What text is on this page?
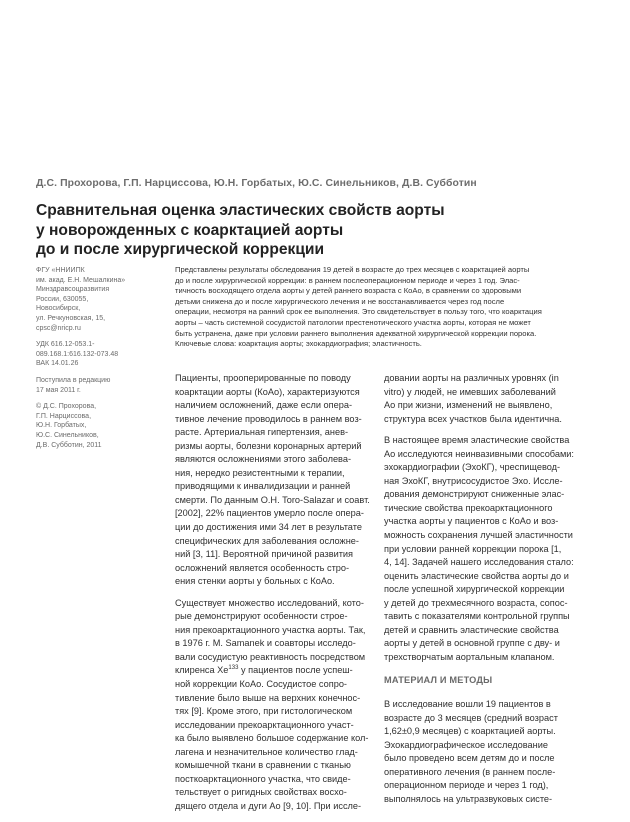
Д.С. Прохорова, Г.П. Нарциссова, Ю.Н. Горбатых, Ю.С. Синельников, Д.В. Субботин
Сравнительная оценка эластических свойств аорты
у новорожденных с коарктацией аорты
до и после хирургической коррекции
ФГУ «ННИИПК
им. акад. Е.Н. Мешалкина»
Минздравсоцразвития
России, 630055,
Новосибирск,
ул. Речкуновская, 15,
cpsc@nricp.ru
УДК 616.12-053.1-
089.168.1:616.132-073.48
ВАК 14.01.26
Поступила в редакцию
17 мая 2011 г.
© Д.С. Прохорова,
Г.П. Нарциссова,
Ю.Н. Горбатых,
Ю.С. Синельников,
Д.В. Субботин, 2011
Представлены результаты обследования 19 детей в возрасте до трех месяцев с коарктацией аорты
до и после хирургической коррекции: в раннем послеоперационном периоде и через 1 год. Элас-
тичность восходящего отдела аорты у детей раннего возраста с КоАо, в сравнении со здоровыми
детьми снижена до и после хирургического лечения и не восстанавливается через год после
операции, несмотря на ранний срок ее выполнения. Это свидетельствует в пользу того, что коарктация
аорты – часть системной сосудистой патологии престенотического участка аорты, которая не может
быть устранена, даже при условии раннего выполнения адекватной хирургической коррекции порока.
Ключевые слова: коарктация аорты; эхокардиография; эластичность.
Пациенты, прооперированные по поводу
коарктации аорты (КоАо), характеризуются
наличием осложнений, даже если опера-
тивное лечение проводилось в раннем воз-
расте. Артериальная гипертензия, анев-
ризмы аорты, болезни коронарных артерий
являются осложнениями этого заболева-
ния, нередко резистентными к терапии,
приводящими к инвалидизации и ранней
смерти. По данным О.Н. Toro-Salazar и соавт.
[2002], 22% пациентов умерло после опера-
ции до достижения ими 34 лет в результате
специфических для заболевания осложне-
ний [3, 11]. Вероятной причиной развития
осложнений является особенность стро-
ения стенки аорты у больных с КоАо.
Существует множество исследований, кото-
рые демонстрируют особенности строе-
ния прекоарктационного участка аорты. Так,
в 1976 г. M. Samanek и соавторы исследо-
вали сосудистую реактивность посредством
клиренса Xe$^{133}$ у пациентов после успеш-
ной коррекции КоАо. Сосудистое сопро-
тивление было выше на верхних конечнос-
тях [9]. Кроме этого, при гистологическом
исследовании прекоарктационного участ-
ка было выявлено большое содержание кол-
лагена и незначительное количество глад-
комышечной ткани в сравнении с тканью
посткоарктационного участка, что свиде-
тельствует о ригидных свойствах восхо-
дящего отдела и дуги Ао [9, 10]. При иссле-
довании аорты на различных уровнях (in
vitro) у людей, не имевших заболеваний
Ао при жизни, изменений не выявлено,
структура всех участков была идентична.
В настоящее время эластические свойства
Ао исследуются неинвазивными способами:
эхокардиографии (ЭхоКГ), чреспищевод-
ная ЭхоКГ, внутрисосудистое Эхо. Иссле-
дования демонстрируют сниженные элас-
тические свойства прекоарктационного
участка аорты у пациентов с КоАо и воз-
можность сохранения лучшей эластичности
при условии ранней коррекции порока [1,
4, 14]. Задачей нашего исследования стало:
оценить эластические свойства аорты до и
после успешной хирургической коррекции
у детей до трехмесячного возраста, сопос-
тавить с показателями контрольной группы
детей и сравнить эластические свойства
аорты у детей в основной группе с дву- и
трехстворчатым аортальным клапаном.
МАТЕРИАЛ И МЕТОДЫ
В исследование вошли 19 пациентов в
возрасте до 3 месяцев (средний возраст
1,62±0,9 месяцев) с коарктацией аорты.
Эхокардиографическое исследование
было проведено всем детям до и после
оперативного лечения (в раннем после-
операционном периоде и через 1 год),
выполнялось на ультразвуковых систе-
